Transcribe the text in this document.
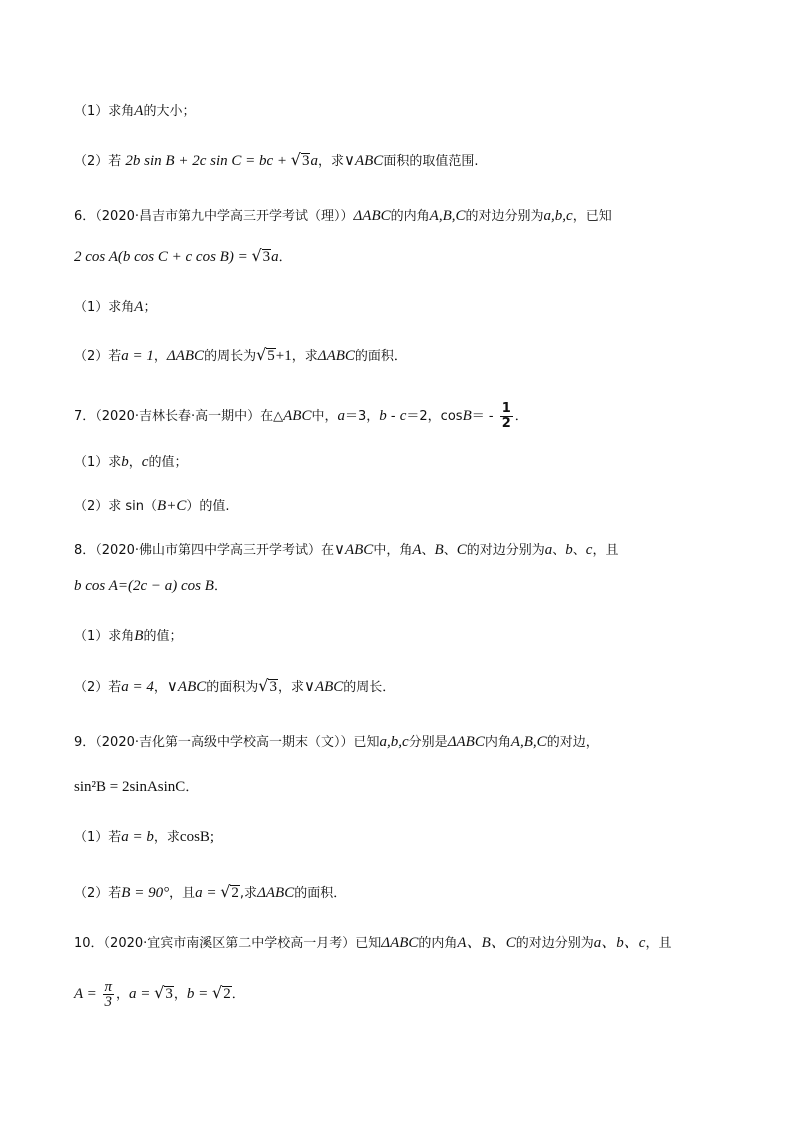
（1）求角A的大小；
（2）若 2b sin B + 2c sin C = bc + √3a，求∨ABC面积的取值范围.
6．（2020·昌吉市第九中学高三开学考试（理））ΔABC的内角A,B,C的对边分别为a,b,c，已知
2 cos A(b cos C + c cos B) = √3a．
（1）求角A；
（2）若a = 1，ΔABC的周长为√5+1，求ΔABC的面积．
7．（2020·吉林长春·高一期中）在△ABC中，a＝3，b - c＝2，$\cos B= - \frac{1}{2}$ ．
（1）求b，c的值；
（2）求 sin（B+C）的值.
8．（2020·佛山市第四中学高三开学考试）在∨ABC中，角A、B、C的对边分别为a、b、c，且
b cos A=(2c − a) cos B．
（1）求角B的值；
（2）若a = 4，∨ABC的面积为√3，求∨ABC的周长．
9．（2020·吉化第一高级中学校高一期末（文））已知a,b,c分别是ΔABC内角A,B,C的对边，
sin²B = 2sinAsinC．
（1）若a = b，求cosB;
（2）若B = 90°，且a = √2,求ΔABC的面积．
10．（2020·宜宾市南溪区第二中学校高一月考）已知ΔABC的内角A、B、C的对边分别为a、b、c，且
$A = \frac{\pi}{3}$ ，a = √3，b = √2．
